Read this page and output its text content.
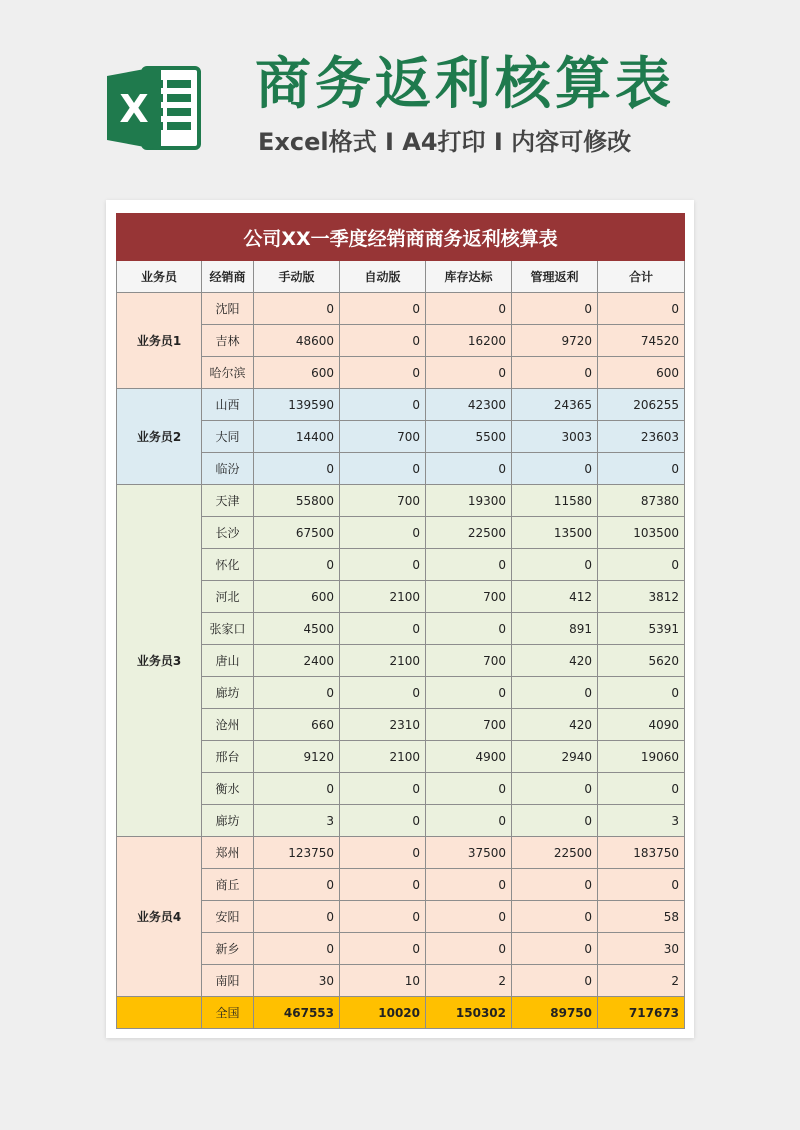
X 商务返利核算表
Excel格式 I A4打印 I 内容可修改
公司XX一季度经销商商务返利核算表						
业务员	经销商	手动版	自动版	库存达标	管理返利	合计
业务员1	沈阳	0	0	0	0	0
	吉林	48600	0	16200	9720	74520
	哈尔滨	600	0	0	0	600
业务员2	山西	139590	0	42300	24365	206255
	大同	14400	700	5500	3003	23603
	临汾	0	0	0	0	0
业务员3	天津	55800	700	19300	11580	87380
	长沙	67500	0	22500	13500	103500
	怀化	0	0	0	0	0
	河北	600	2100	700	412	3812
	张家口	4500	0	0	891	5391
	唐山	2400	2100	700	420	5620
	廊坊	0	0	0	0	0
	沧州	660	2310	700	420	4090
	邢台	9120	2100	4900	2940	19060
	衡水	0	0	0	0	0
	廊坊	3	0	0	0	3
业务员4	郑州	123750	0	37500	22500	183750
	商丘	0	0	0	0	0
	安阳	0	0	0	0	58
	新乡	0	0	0	0	30
	南阳	30	10	2	0	2
	全国	467553	10020	150302	89750	717673
